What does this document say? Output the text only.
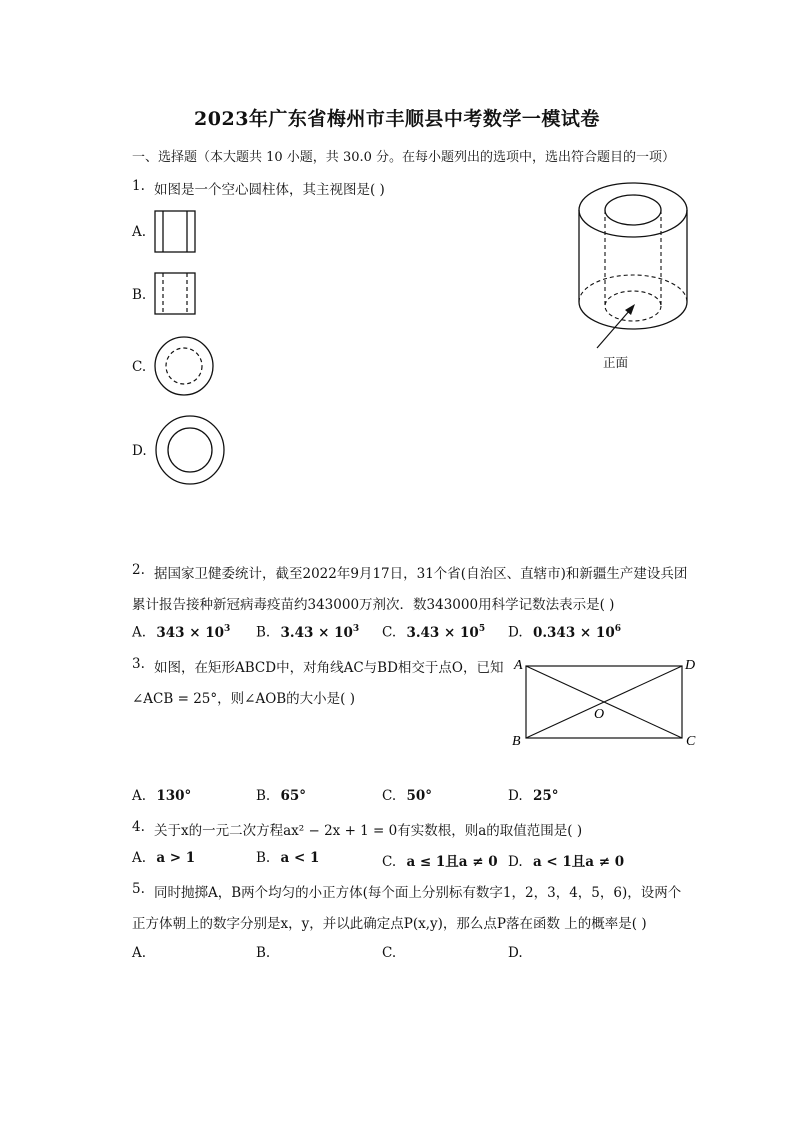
2023年广东省梅州市丰顺县中考数学一模试卷
一、选择题（本大题共 10 小题，共 30.0 分。在每小题列出的选项中，选出符合题目的一项）
1. 如图是一个空心圆柱体，其主视图是( )
A.
B.
C.
D.
正面
2. 据国家卫健委统计，截至2022年9月17日，31个省(自治区、直辖市)和新疆生产建设兵团
累计报告接种新冠病毒疫苗约343000万剂次．数343000用科学记数法表示是( )
A. $343 \times 10^3$ B. $3.43 \times 10^3$ C. $3.43 \times 10^5$ D. $0.343 \times 10^6$
3. 如图，在矩形ABCD中，对角线AC与BD相交于点O，已知
∠ACB = 25°，则∠AOB的大小是( )
A	D
O
B	C
A. 130°	B. 65°	C. 50°	D. 25°
4. 关于x的一元二次方程ax² − 2x + 1 = 0有实数根，则a的取值范围是( )
A. a > 1	B. a < 1	C. a ≤ 1且a ≠ 0 D. a < 1且a ≠ 0
5. 同时抛掷A，B两个均匀的小正方体(每个面上分别标有数字1，2，3，4，5，6)，设两个
正方体朝上的数字分别是x，y，并以此确定点P(x,y)，那么点P落在函数 上的概率是( )
A.	B.	C.	D.
